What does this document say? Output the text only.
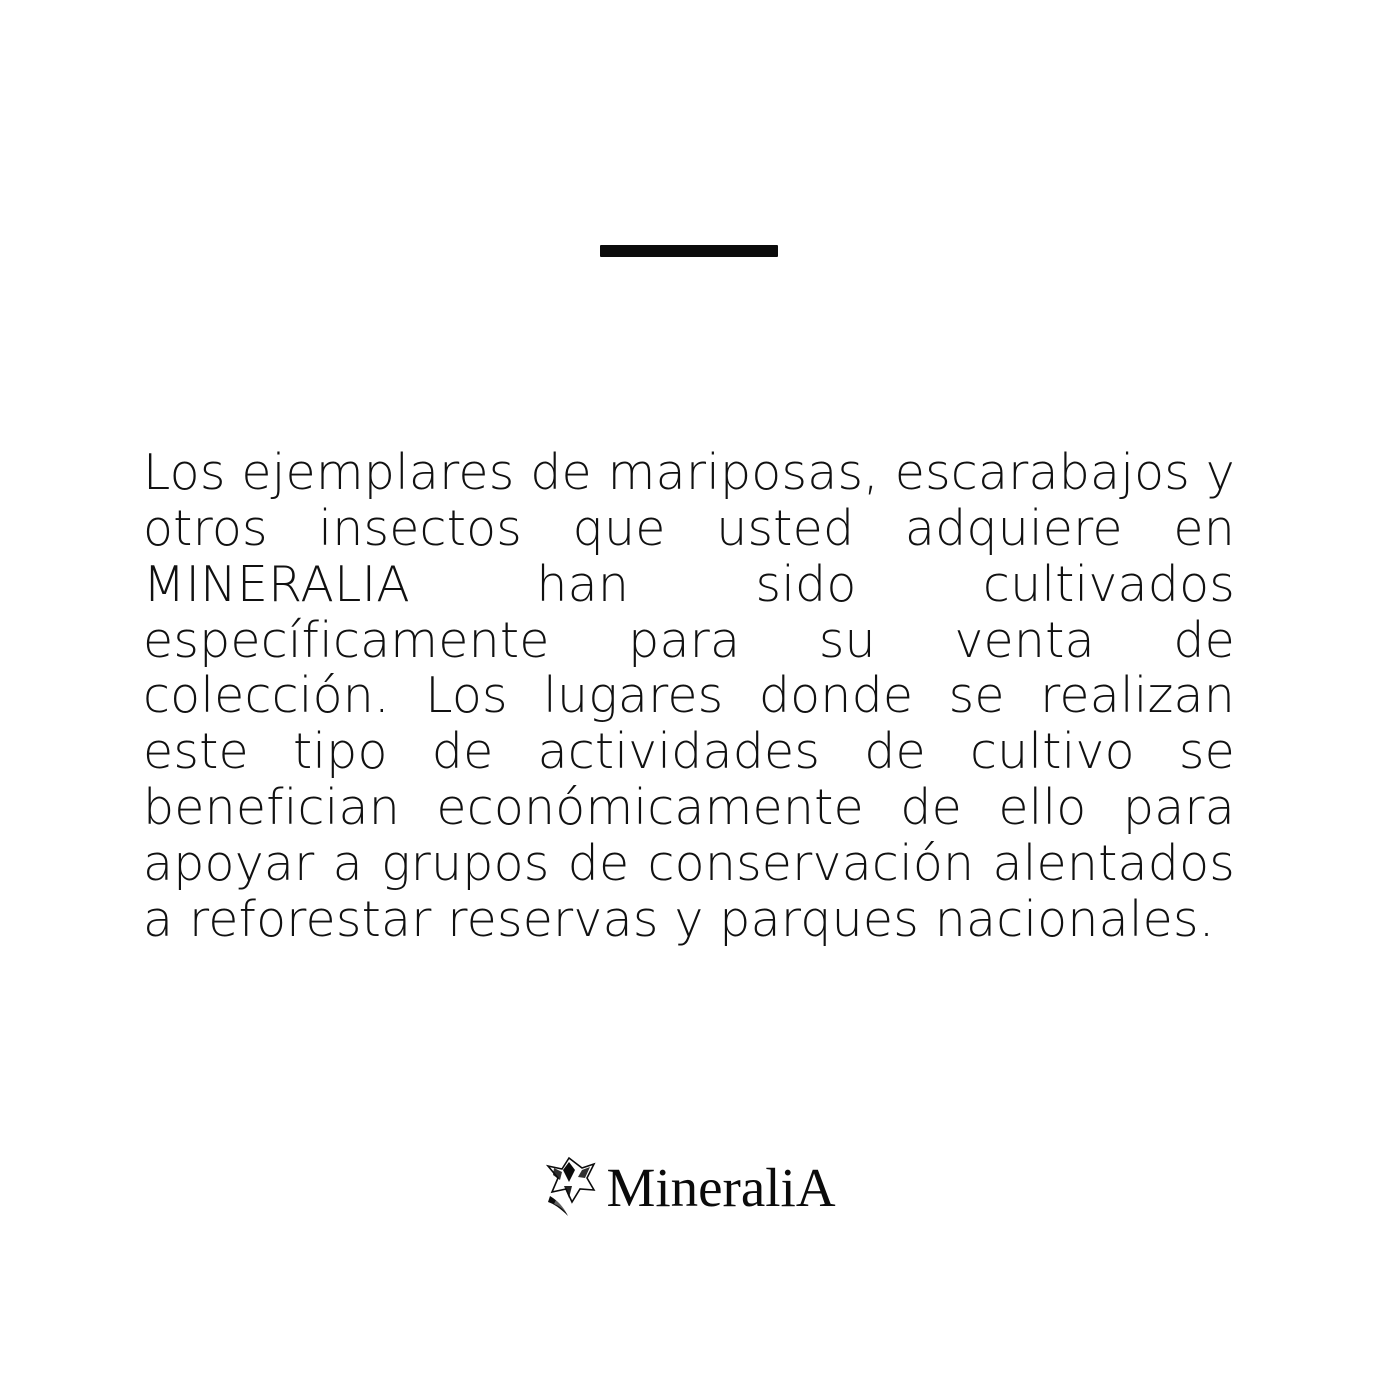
Los ejemplares de mariposas, escarabajos y otros insectos que usted adquiere en MINERALIA han sido cultivados específicamente para su venta de colección. Los lugares donde se realizan este tipo de actividades de cultivo se benefician económicamente de ello para apoyar a grupos de conservación alentados a reforestar reservas y parques nacionales.

MineraliA
